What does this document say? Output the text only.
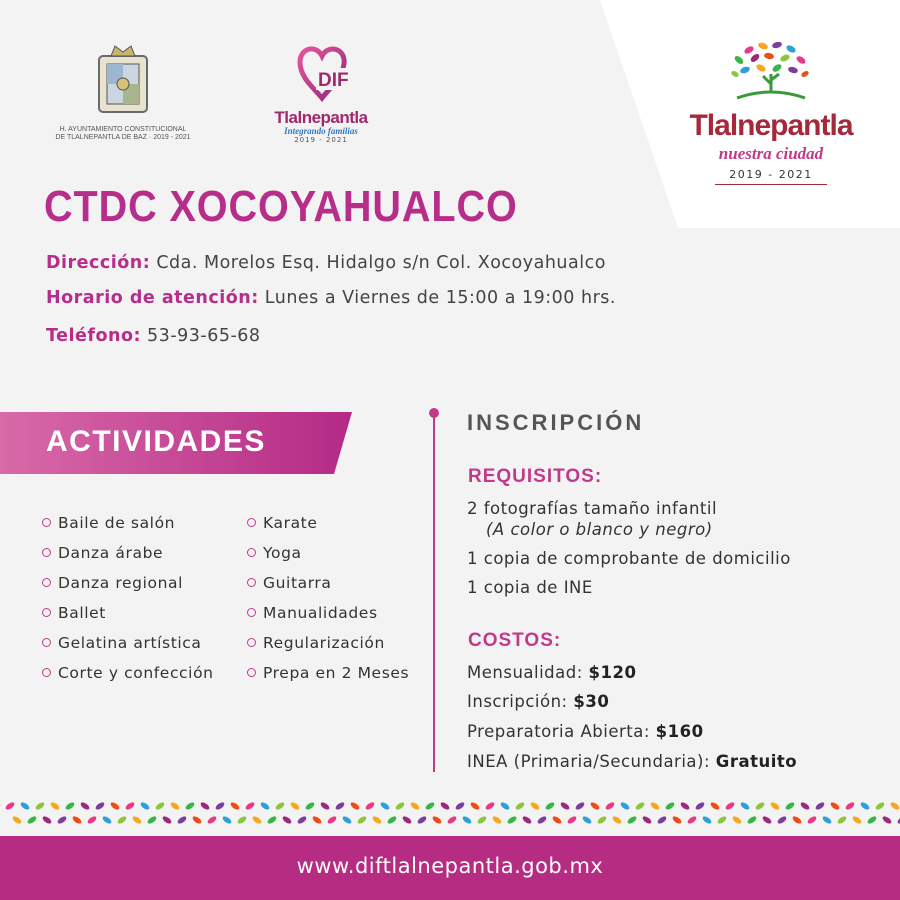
H. AYUNTAMIENTO CONSTITUCIONAL
DE TLALNEPANTLA DE BAZ · 2019 - 2021
DIF
Tlalnepantla
Integrando familias
2019 - 2021	Tlalnepantla
nuestra ciudad
2019 - 2021
CTDC XOCOYAHUALCO
Dirección: Cda. Morelos Esq. Hidalgo s/n Col. Xocoyahualco
Horario de atención: Lunes a Viernes de 15:00 a 19:00 hrs.
Teléfono: 53-93-65-68
ACTIVIDADES
Baile de salón
Danza árabe
Danza regional
Ballet
Gelatina artística
Corte y confección
Karate
Yoga
Guitarra
Manualidades
Regularización
Prepa en 2 Meses
INSCRIPCIÓN
REQUISITOS:
2 fotografías tamaño infantil
(A color o blanco y negro)
1 copia de comprobante de domicilio
1 copia de INE
COSTOS:
Mensualidad: $120
Inscripción: $30
Preparatoria Abierta: $160
INEA (Primaria/Secundaria): Gratuito
www.diftlalnepantla.gob.mx
